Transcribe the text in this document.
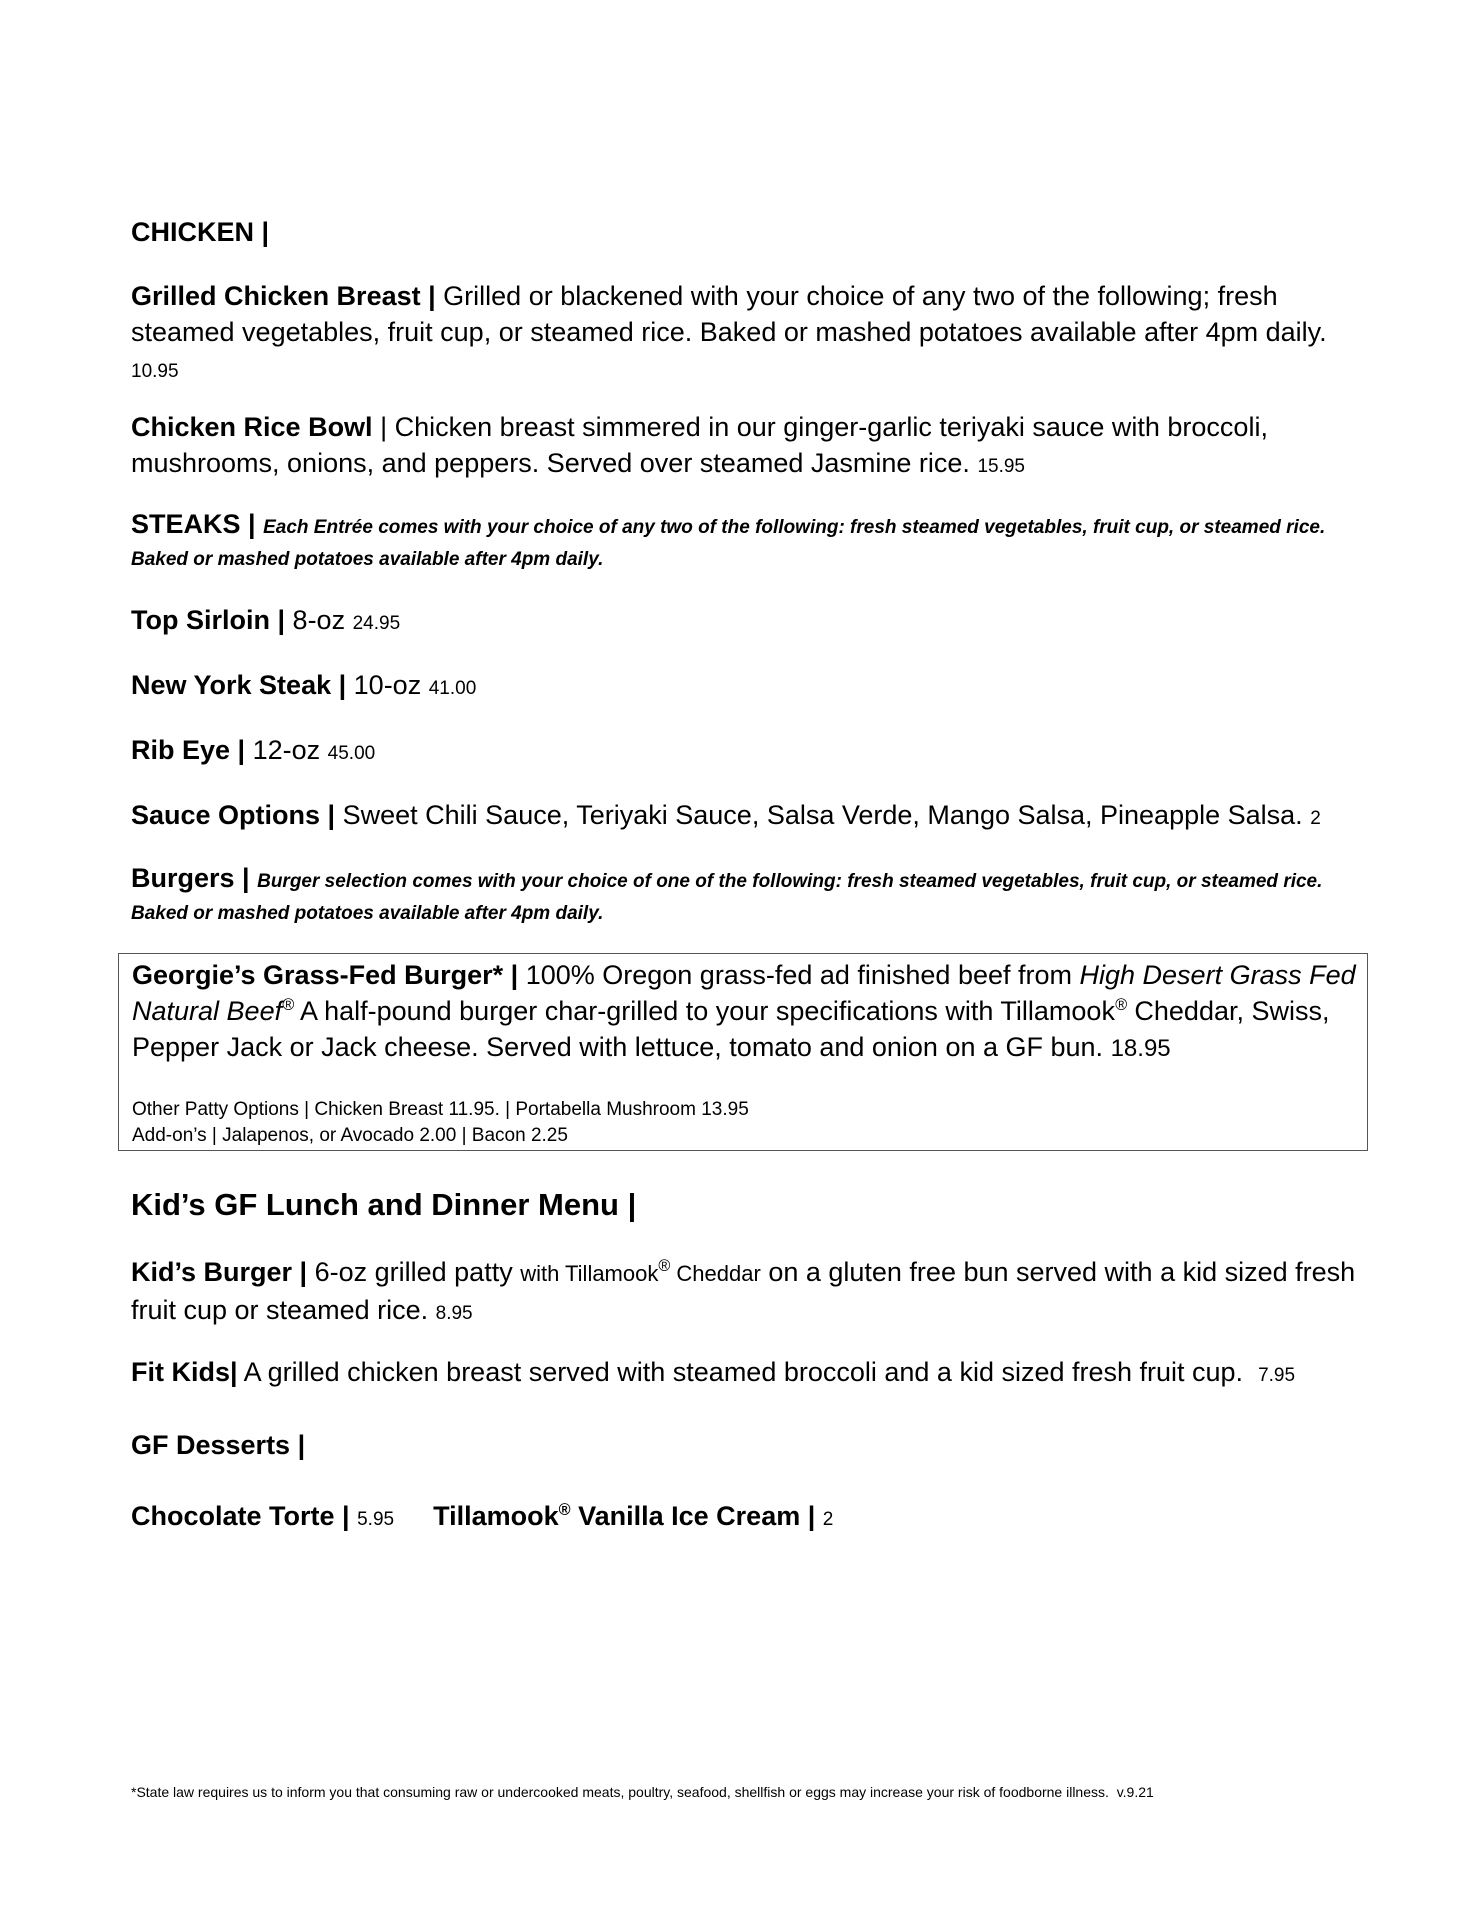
CHICKEN |
Grilled Chicken Breast | Grilled or blackened with your choice of any two of the following; fresh steamed vegetables, fruit cup, or steamed rice. Baked or mashed potatoes available after 4pm daily.
10.95
Chicken Rice Bowl | Chicken breast simmered in our ginger-garlic teriyaki sauce with broccoli, mushrooms, onions, and peppers. Served over steamed Jasmine rice. 15.95
STEAKS | Each Entrée comes with your choice of any two of the following: fresh steamed vegetables, fruit cup, or steamed rice. Baked or mashed potatoes available after 4pm daily.
Top Sirloin | 8-oz 24.95
New York Steak | 10-oz 41.00
Rib Eye | 12-oz 45.00
Sauce Options | Sweet Chili Sauce, Teriyaki Sauce, Salsa Verde, Mango Salsa, Pineapple Salsa. 2
Burgers | Burger selection comes with your choice of one of the following: fresh steamed vegetables, fruit cup, or steamed rice. Baked or mashed potatoes available after 4pm daily.
Georgie’s Grass-Fed Burger* | 100% Oregon grass-fed ad finished beef from High Desert Grass Fed Natural Beef® A half-pound burger char-grilled to your specifications with Tillamook® Cheddar, Swiss, Pepper Jack or Jack cheese. Served with lettuce, tomato and onion on a GF bun. 18.95
Other Patty Options | Chicken Breast 11.95. | Portabella Mushroom 13.95
Add-on’s | Jalapenos, or Avocado 2.00 | Bacon 2.25
Kid’s GF Lunch and Dinner Menu |
Kid’s Burger | 6-oz grilled patty with Tillamook® Cheddar on a gluten free bun served with a kid sized fresh fruit cup or steamed rice. 8.95
Fit Kids| A grilled chicken breast served with steamed broccoli and a kid sized fresh fruit cup. 7.95
GF Desserts |
Chocolate Torte | 5.95 Tillamook® Vanilla Ice Cream | 2
*State law requires us to inform you that consuming raw or undercooked meats, poultry, seafood, shellfish or eggs may increase your risk of foodborne illness. v.9.21
